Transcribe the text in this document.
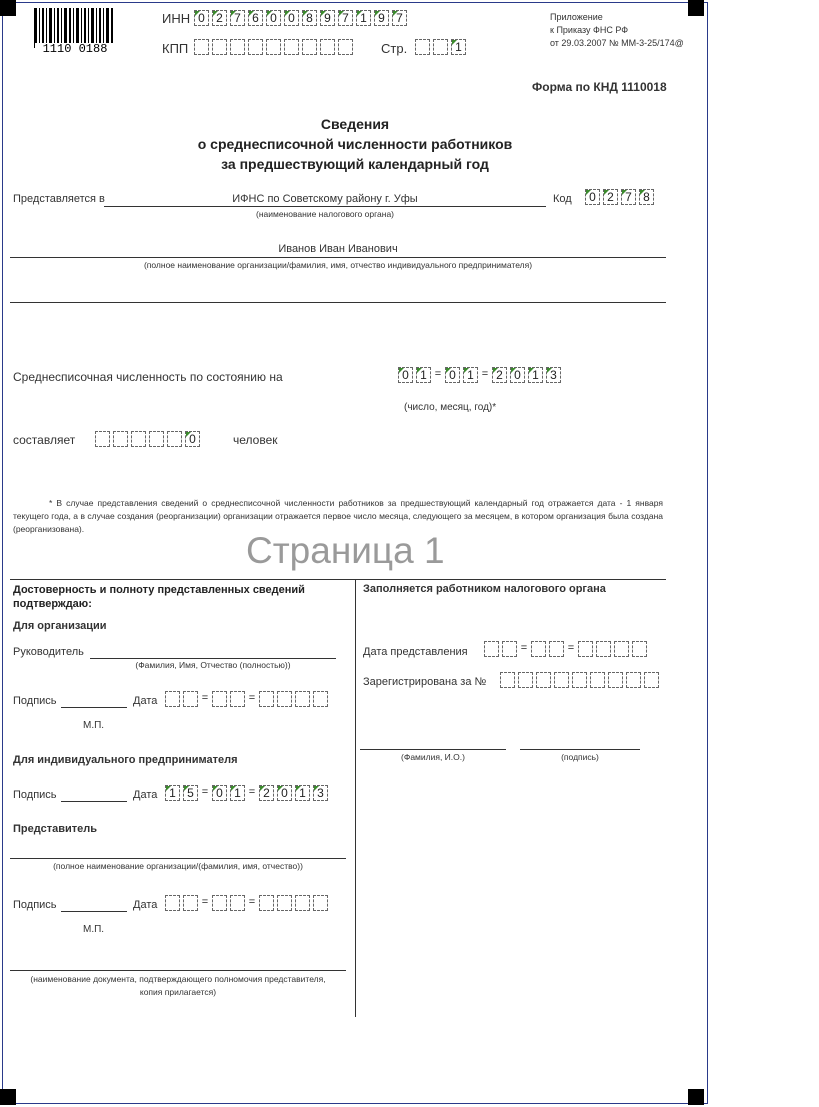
1110 0188
ИНН 0 2 7 6 0 0 8 9 7 1 9 7
КПП	Стр.	1
Приложение
к Приказу ФНС РФ
от 29.03.2007 № ММ-3-25/174@
Форма по КНД 1110018
Сведения
о среднесписочной численности работников
за предшествующий календарный год
Представляется в	ИФНС по Советскому району г. Уфы
(наименование налогового органа)
Код	0 2 7 8
Иванов Иван Иванович
(полное наименование организации/фамилия, имя, отчество индивидуального предпринимателя)
Среднесписочная численность по состоянию на	0 1 = 0 1 = 2 0 1 3
(число, месяц, год)*
составляет	0	человек
* В случае представления сведений о среднесписочной численности работников за предшествующий календарный год отражается дата - 1 января текущего года, а в случае создания (реорганизации) организации отражается первое число месяца, следующего за месяцем, в котором организация была создана (реорганизована).
Страница 1
Достоверность и полноту представленных сведений
подтверждаю:
Для организации
Руководитель
(Фамилия, Имя, Отчество (полностью))
Подпись	Дата	=	=
М.П.
Для индивидуального предпринимателя
Подпись	Дата 1 5 = 0 1 = 2 0 1 3
Представитель
(полное наименование организации/(фамилия, имя, отчество))
Подпись	Дата	=	=
М.П.
(наименование документа, подтверждающего полномочия представителя,
копия прилагается)
Заполняется работником налогового органа
Дата представления	=	=
Зарегистрирована за №
(Фамилия, И.О.)	(подпись)
